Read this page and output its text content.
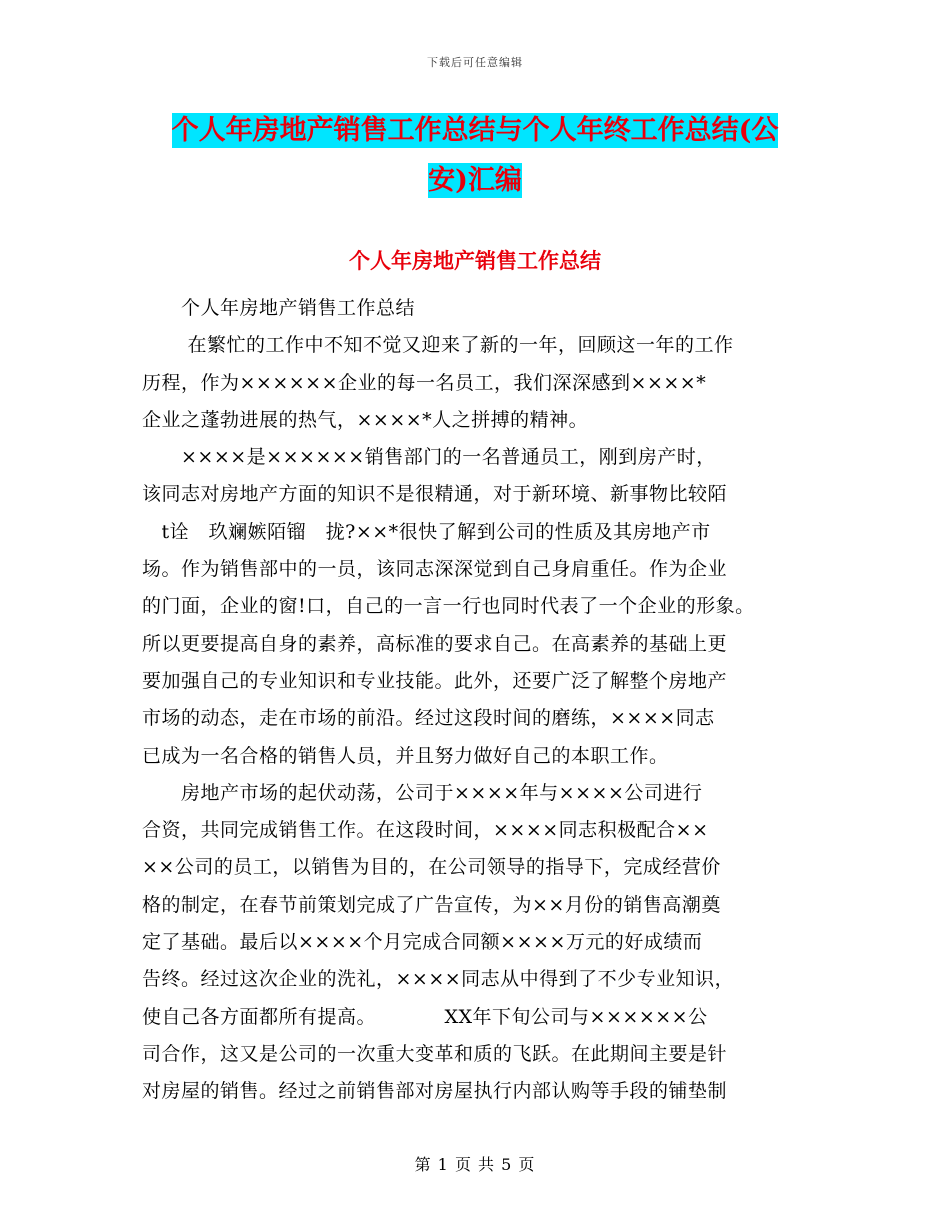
下载后可任意编辑
个人年房地产销售工作总结与个人年终工作总结(公
安)汇编
个人年房地产销售工作总结
　　个人年房地产销售工作总结
　　 在繁忙的工作中不知不觉又迎来了新的一年，回顾这一年的工作
历程，作为××××××企业的每一名员工，我们深深感到××××*
企业之蓬勃进展的热气，××××*人之拼搏的精神。
　　××××是××××××销售部门的一名普通员工，刚到房产时，
该同志对房地产方面的知识不是很精通，对于新环境、新事物比较陌
　t诠　玖斓嫉陌镏　拢?××*很快了解到公司的性质及其房地产市
场。作为销售部中的一员，该同志深深觉到自己身肩重任。作为企业
的门面，企业的窗!口，自己的一言一行也同时代表了一个企业的形象。
所以更要提高自身的素养，高标准的要求自己。在高素养的基础上更
要加强自己的专业知识和专业技能。此外，还要广泛了解整个房地产
市场的动态，走在市场的前沿。经过这段时间的磨练，××××同志
已成为一名合格的销售人员，并且努力做好自己的本职工作。
　　房地产市场的起伏动荡，公司于××××年与××××公司进行
合资，共同完成销售工作。在这段时间，××××同志积极配合××
××公司的员工，以销售为目的，在公司领导的指导下，完成经营价
格的制定，在春节前策划完成了广告宣传，为××月份的销售高潮奠
定了基础。最后以××××个月完成合同额××××万元的好成绩而
告终。经过这次企业的洗礼，××××同志从中得到了不少专业知识，
使自己各方面都所有提高。　　　　XX年下旬公司与××××××公
司合作，这又是公司的一次重大变革和质的飞跃。在此期间主要是针
对房屋的销售。经过之前销售部对房屋执行内部认购等手段的铺垫制
第 1 页 共 5 页
